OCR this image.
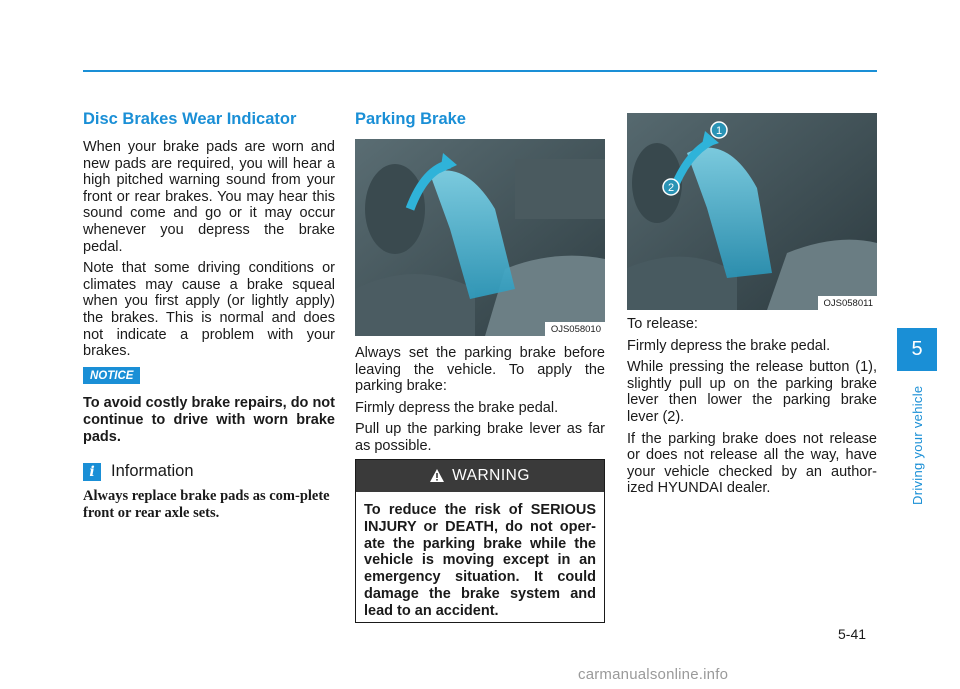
Disc Brakes Wear Indicator

When your brake pads are worn and new pads are required, you will hear a high pitched warning sound from your front or rear brakes. You may hear this sound come and go or it may occur whenever you depress the brake pedal.

Note that some driving conditions or climates may cause a brake squeal when you first apply (or lightly apply) the brakes. This is normal and does not indicate a problem with your brakes.

NOTICE

To avoid costly brake repairs, do not continue to drive with worn brake pads.

i Information

Always replace brake pads as com-plete front or rear axle sets.

Parking Brake
OJS058010

Always set the parking brake before leaving the vehicle. To apply the parking brake:

Firmly depress the brake pedal.

Pull up the parking brake lever as far as possible.

WARNING

To reduce the risk of SERIOUS INJURY or DEATH, do not oper-ate the parking brake while the vehicle is moving except in an emergency situation. It could damage the brake system and lead to an accident.

1
2
OJS058011

To release:

Firmly depress the brake pedal.

While pressing the release button (1), slightly pull up on the parking brake lever then lower the parking brake lever (2).

If the parking brake does not release or does not release all the way, have your vehicle checked by an author-ized HYUNDAI dealer.

5
Driving your vehicle
5-41
carmanualsonline.info
